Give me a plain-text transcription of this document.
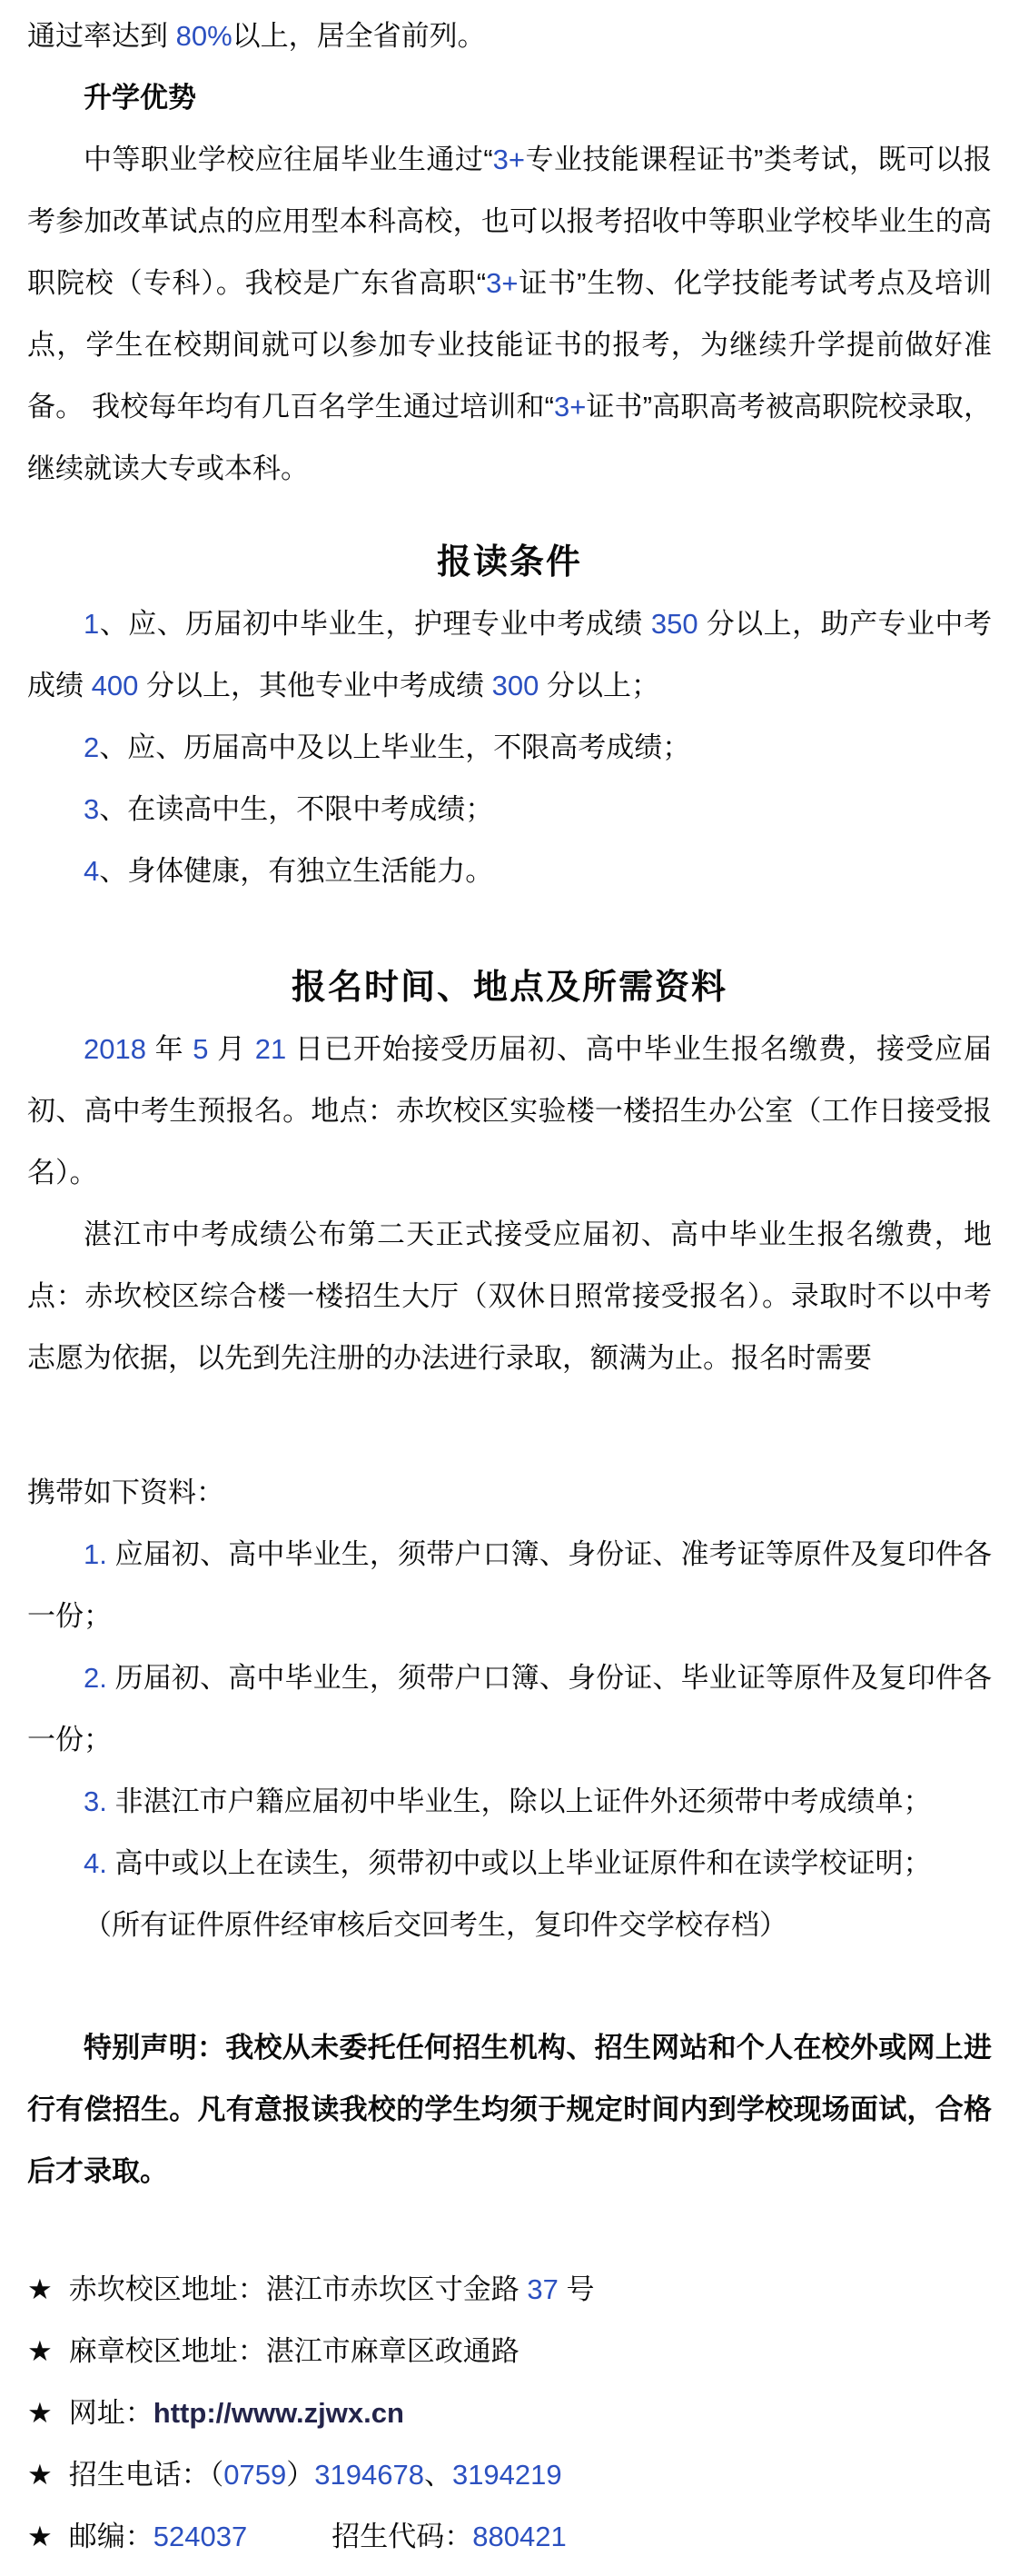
通过率达到 80%以上，居全省前列。

升学优势

中等职业学校应往届毕业生通过“3+专业技能课程证书”类考试，既可以报考参加改革试点的应用型本科高校，也可以报考招收中等职业学校毕业生的高职院校（专科）。我校是广东省高职“3+证书”生物、化学技能考试考点及培训点，学生在校期间就可以参加专业技能证书的报考，为继续升学提前做好准备。 我校每年均有几百名学生通过培训和“3+证书”高职高考被高职院校录取，继续就读大专或本科。

报读条件

1、应、历届初中毕业生，护理专业中考成绩 350 分以上，助产专业中考成绩 400 分以上，其他专业中考成绩 300 分以上；

2、应、历届高中及以上毕业生，不限高考成绩；

3、在读高中生，不限中考成绩；

4、身体健康，有独立生活能力。

报名时间、地点及所需资料

2018 年 5 月 21 日已开始接受历届初、高中毕业生报名缴费，接受应届初、高中考生预报名。地点：赤坎校区实验楼一楼招生办公室（工作日接受报名）。

湛江市中考成绩公布第二天正式接受应届初、高中毕业生报名缴费，地点：赤坎校区综合楼一楼招生大厅（双休日照常接受报名）。录取时不以中考志愿为依据，以先到先注册的办法进行录取，额满为止。报名时需要

携带如下资料：

1. 应届初、高中毕业生，须带户口簿、身份证、准考证等原件及复印件各一份；

2. 历届初、高中毕业生，须带户口簿、身份证、毕业证等原件及复印件各一份；

3. 非湛江市户籍应届初中毕业生，除以上证件外还须带中考成绩单；

4. 高中或以上在读生，须带初中或以上毕业证原件和在读学校证明；

（所有证件原件经审核后交回考生，复印件交学校存档）

特别声明：我校从未委托任何招生机构、招生网站和个人在校外或网上进行有偿招生。凡有意报读我校的学生均须于规定时间内到学校现场面试，合格后才录取。

★ 赤坎校区地址：湛江市赤坎区寸金路 37 号

★ 麻章校区地址：湛江市麻章区政通路

★ 网址：http://www.zjwx.cn

★ 招生电话：（0759）3194678、3194219

★ 邮编：524037　　　招生代码：880421
